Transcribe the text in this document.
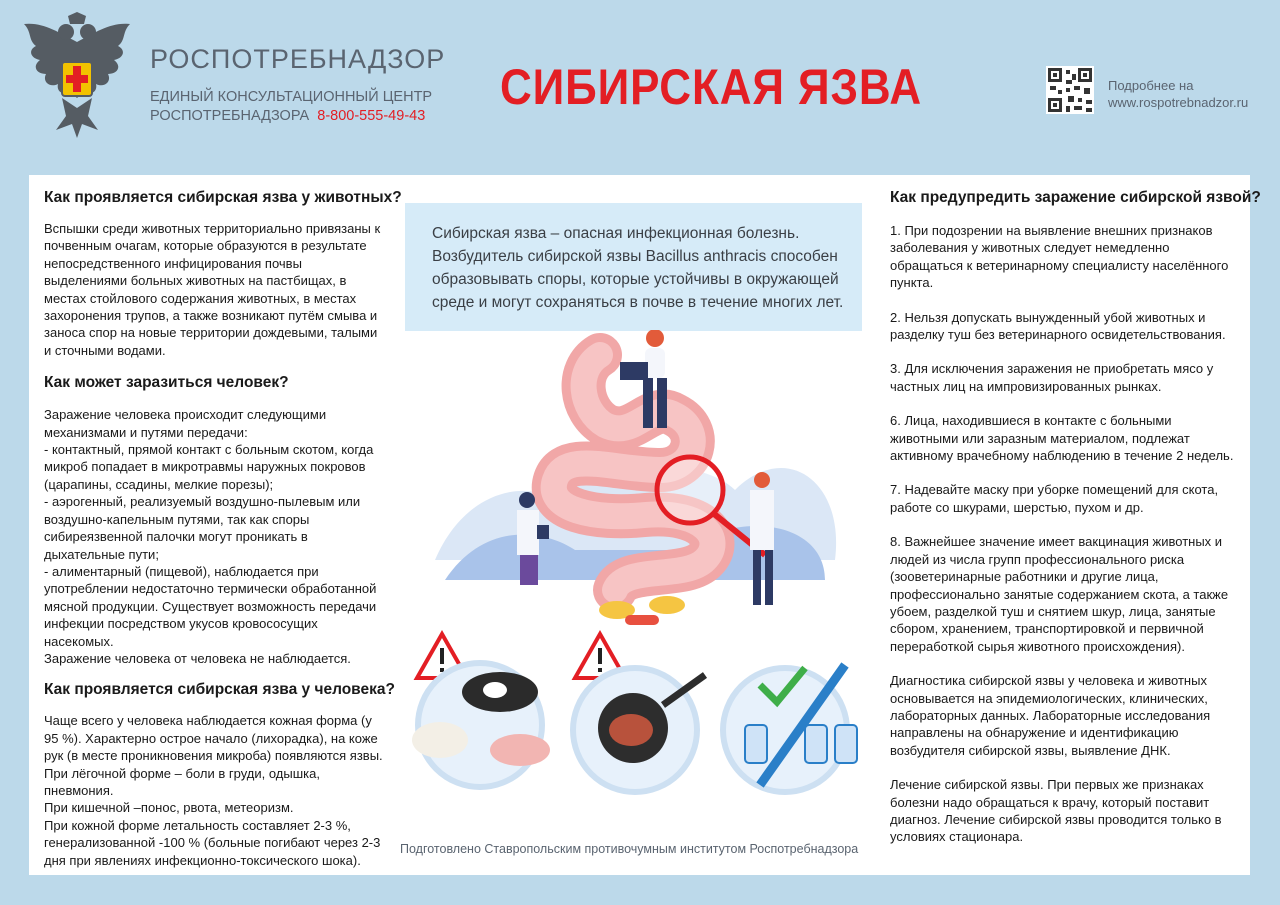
РОСПОТРЕБНАДЗОР
ЕДИНЫЙ КОНСУЛЬТАЦИОННЫЙ ЦЕНТР
РОСПОТРЕБНАДЗОРА 8-800-555-49-43
СИБИРСКАЯ ЯЗВА	Подробнее на
www.rospotrebnadzor.ru
Как проявляется сибирская язва у животных?

Вспышки среди животных территориально привязаны к почвенным очагам, которые образуются в результате непосредственного инфицирования почвы выделениями больных животных на пастбищах, в местах стойлового содержания животных, в местах захоронения трупов, а также возникают путём смыва и заноса спор на новые территории дождевыми, талыми и сточными водами.

Как может заразиться человек?

Заражение человека происходит следующими механизмами и путями передачи:

- контактный, прямой контакт с больным скотом, когда микроб попадает в микротравмы наружных покровов (царапины, ссадины, мелкие порезы);

- аэрогенный, реализуемый воздушно-пылевым или воздушно-капельным путями, так как споры сибиреязвенной палочки могут проникать в дыхательные пути;

- алиментарный (пищевой), наблюдается при употреблении недостаточно термически обработанной мясной продукции. Существует возможность передачи инфекции посредством укусов кровососущих насекомых.

Заражение человека от человека не наблюдается.

Как проявляется сибирская язва у человека?

Чаще всего у человека наблюдается кожная форма (у 95 %). Характерно острое начало (лихорадка), на коже рук (в месте проникновения микроба) появляются язвы.

При лёгочной форме – боли в груди, одышка, пневмония.

При кишечной –понос, рвота, метеоризм.

При кожной форме летальность составляет 2-3 %, генерализованной -100 % (больные погибают через 2-3 дня при явлениях инфекционно-токсического шока).

Сибирская язва – опасная инфекционная болезнь. Возбудитель сибирской язвы Bacillus anthracis способен образовывать споры, которые устойчивы в окружающей среде и могут сохраняться в почве в течение многих лет.
Подготовлено Ставропольским противочумным институтом Роспотребнадзора
Как предупредить заражение сибирской язвой?

1. При подозрении на выявление внешних признаков заболевания у животных следует немедленно обращаться к ветеринарному специалисту населённого пункта.

2. Нельзя допускать вынужденный убой животных и разделку туш без ветеринарного освидетельствования.

3. Для исключения заражения не приобретать мясо у частных лиц на импровизированных рынках.

6. Лица, находившиеся в контакте с больными животными или заразным материалом, подлежат активному врачебному наблюдению в течение 2 недель.

7. Надевайте маску при уборке помещений для скота, работе со шкурами, шерстью, пухом и др.

8. Важнейшее значение имеет вакцинация животных и людей из числа групп профессионального риска (зооветеринарные работники и другие лица, профессионально занятые содержанием скота, а также убоем, разделкой туш и снятием шкур, лица, занятые сбором, хранением, транспортировкой и первичной переработкой сырья животного происхождения).

Диагностика сибирской язвы у человека и животных основывается на эпидемиологических, клинических, лабораторных данных. Лабораторные исследования направлены на обнаружение и идентификацию возбудителя сибирской язвы, выявление ДНК.

Лечение сибирской язвы. При первых же признаках болезни надо обращаться к врачу, который поставит диагноз. Лечение сибирской язвы проводится только в условиях стационара.
